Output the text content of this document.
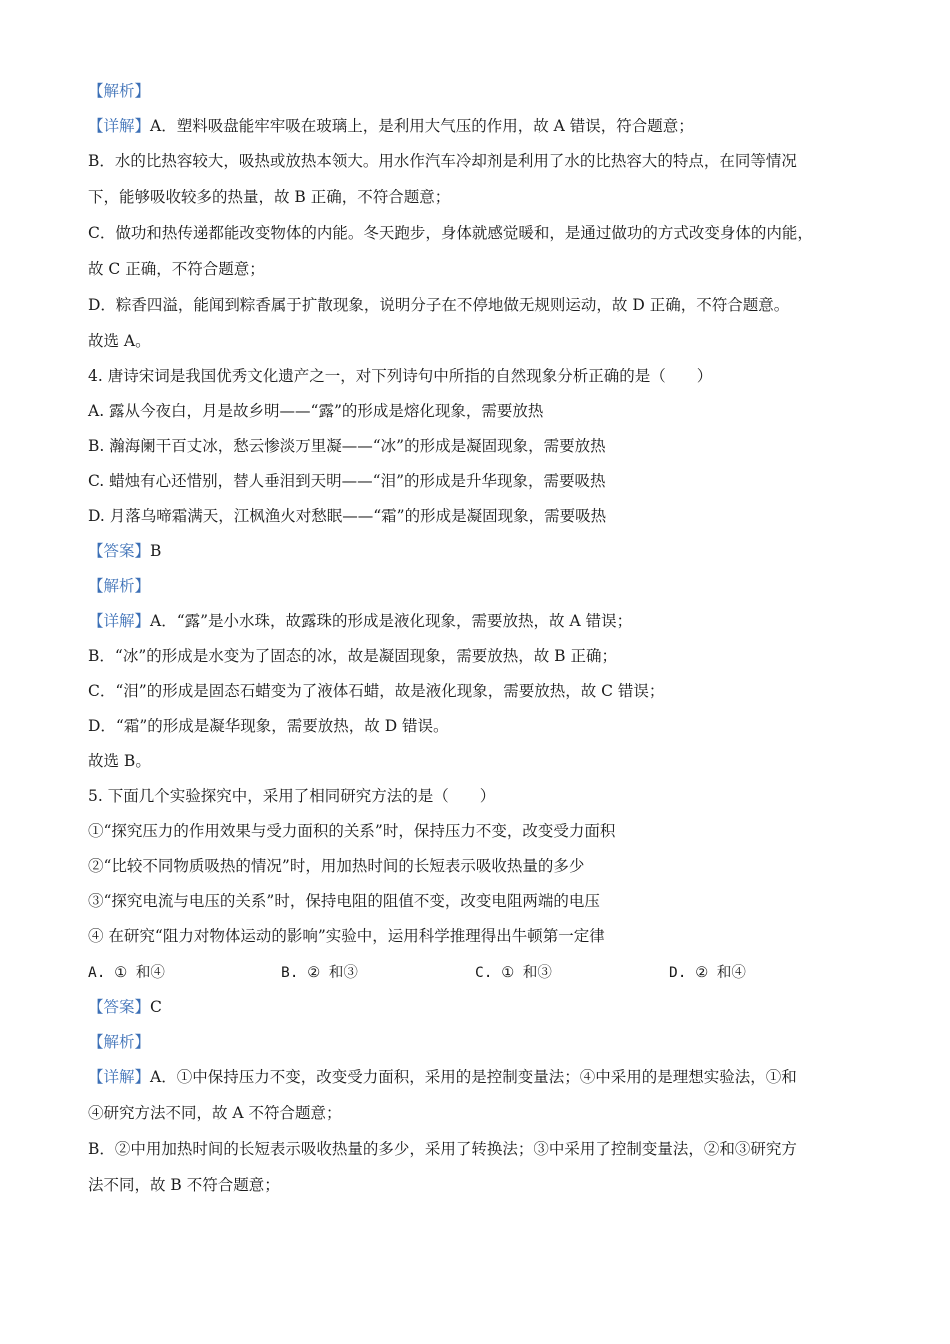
【解析】
【详解】A．塑料吸盘能牢牢吸在玻璃上，是利用大气压的作用，故 A 错误，符合题意；
B．水的比热容较大，吸热或放热本领大。用水作汽车冷却剂是利用了水的比热容大的特点，在同等情况
下，能够吸收较多的热量，故 B 正确，不符合题意；
C．做功和热传递都能改变物体的内能。冬天跑步，身体就感觉暖和，是通过做功的方式改变身体的内能，
故 C 正确，不符合题意；
D．粽香四溢，能闻到粽香属于扩散现象，说明分子在不停地做无规则运动，故 D 正确，不符合题意。
故选 A。
4. 唐诗宋词是我国优秀文化遗产之一，对下列诗句中所指的自然现象分析正确的是（　　）
A. 露从今夜白，月是故乡明——“露”的形成是熔化现象，需要放热
B. 瀚海阑干百丈冰，愁云惨淡万里凝——“冰”的形成是凝固现象，需要放热
C. 蜡烛有心还惜别，替人垂泪到天明——“泪”的形成是升华现象，需要吸热
D. 月落乌啼霜满天，江枫渔火对愁眠——“霜”的形成是凝固现象，需要吸热
【答案】B
【解析】
【详解】A．“露”是小水珠，故露珠的形成是液化现象，需要放热，故 A 错误；
B．“冰”的形成是水变为了固态的冰，故是凝固现象，需要放热，故 B 正确；
C．“泪”的形成是固态石蜡变为了液体石蜡，故是液化现象，需要放热，故 C 错误；
D．“霜”的形成是凝华现象，需要放热，故 D 错误。
故选 B。
5. 下面几个实验探究中，采用了相同研究方法的是（　　）
①“探究压力的作用效果与受力面积的关系”时，保持压力不变，改变受力面积
②“比较不同物质吸热的情况”时，用加热时间的长短表示吸收热量的多少
③“探究电流与电压的关系”时，保持电阻的阻值不变，改变电阻两端的电压
④ 在研究“阻力对物体运动的影响”实验中，运用科学推理得出牛顿第一定律
A. ① 和④	B. ② 和③	C. ① 和③	D. ② 和④
【答案】C
【解析】
【详解】A．①中保持压力不变，改变受力面积，采用的是控制变量法；④中采用的是理想实验法，①和
④研究方法不同，故 A 不符合题意；
B．②中用加热时间的长短表示吸收热量的多少，采用了转换法；③中采用了控制变量法，②和③研究方
法不同，故 B 不符合题意；
